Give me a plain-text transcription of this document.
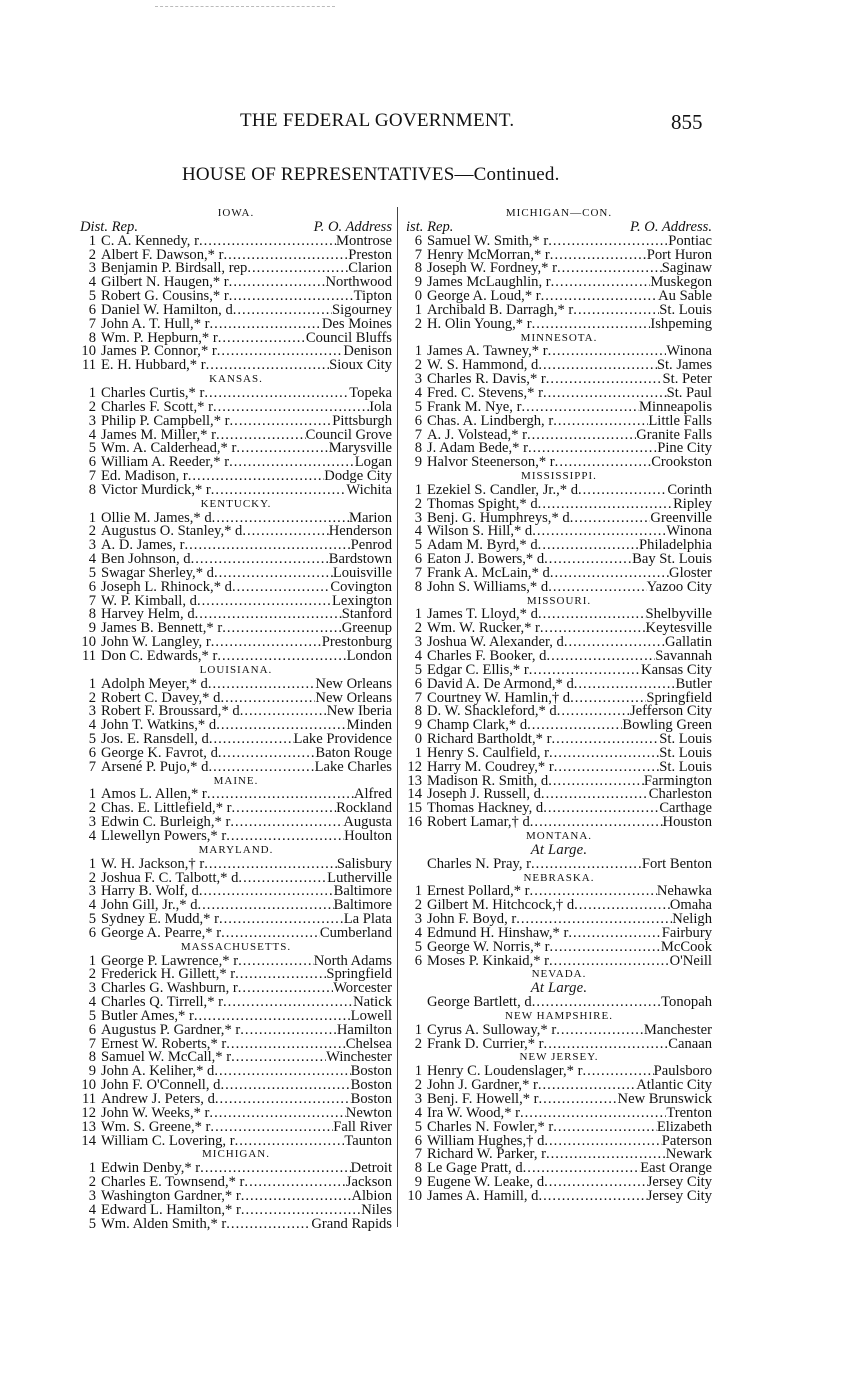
THE FEDERAL GOVERNMENT.	855
HOUSE OF REPRESENTATIVES—Continued.
IOWA.
Dist. Rep.	P. O. Address
1 C. A. Kennedy, r .....	Montrose
2 Albert F. Dawson,* r .....	Preston
3 Benjamin P. Birdsall, rep .....	Clarion
4 Gilbert N. Haugen,* r .....	Northwood
5 Robert G. Cousins,* r .....	Tipton
6 Daniel W. Hamilton, d .....	Sigourney
7 John A. T. Hull,* r .....	Des Moines
8 Wm. P. Hepburn,* r .....	Council Bluffs
10 James P. Connor,* r .....	Denison
11 E. H. Hubbard,* r .....	Sioux City
KANSAS.
1 Charles Curtis,* r .....	Topeka
2 Charles F. Scott,* r .....	Iola
3 Philip P. Campbell,* r .....	Pittsburgh
4 James M. Miller,* r .....	Council Grove
5 Wm. A. Calderhead,* r .....	Marysville
6 William A. Reeder,* r .....	Logan
7 Ed. Madison, r .....	Dodge City
8 Victor Murdick,* r .....	Wichita
KENTUCKY.
1 Ollie M. James,* d .....	Marion
2 Augustus O. Stanley,* d .....	Henderson
3 A. D. James, r .....	Penrod
4 Ben Johnson, d .....	Bardstown
5 Swagar Sherley,* d .....	Louisville
6 Joseph L. Rhinock,* d .....	Covington
7 W. P. Kimball, d .....	Lexington
8 Harvey Helm, d .....	Stanford
9 James B. Bennett,* r .....	Greenup
10 John W. Langley, r .....	Prestonburg
11 Don C. Edwards,* r .....	London
LOUISIANA.
1 Adolph Meyer,* d .....	New Orleans
2 Robert C. Davey,* d .....	New Orleans
3 Robert F. Broussard,* d .....	New Iberia
4 John T. Watkins,* d .....	Minden
5 Jos. E. Ransdell, d .....	Lake Providence
6 George K. Favrot, d .....	Baton Rouge
7 Arsené P. Pujo,* d .....	Lake Charles
MAINE.
1 Amos L. Allen,* r .....	Alfred
2 Chas. E. Littlefield,* r .....	Rockland
3 Edwin C. Burleigh,* r .....	Augusta
4 Llewellyn Powers,* r .....	Houlton
MARYLAND.
1 W. H. Jackson,† r .....	Salisbury
2 Joshua F. C. Talbott,* d .....	Lutherville
3 Harry B. Wolf, d .....	Baltimore
4 John Gill, Jr.,* d .....	Baltimore
5 Sydney E. Mudd,* r .....	La Plata
6 George A. Pearre,* r .....	Cumberland
MASSACHUSETTS.
1 George P. Lawrence,* r .....	North Adams
2 Frederick H. Gillett,* r .....	Springfield
3 Charles G. Washburn, r .....	Worcester
4 Charles Q. Tirrell,* r .....	Natick
5 Butler Ames,* r .....	Lowell
6 Augustus P. Gardner,* r .....	Hamilton
7 Ernest W. Roberts,* r .....	Chelsea
8 Samuel W. McCall,* r .....	Winchester
9 John A. Keliher,* d .....	Boston
10 John F. O'Connell, d .....	Boston
11 Andrew J. Peters, d .....	Boston
12 John W. Weeks,* r .....	Newton
13 Wm. S. Greene,* r .....	Fall River
14 William C. Lovering, r .....	Taunton
MICHIGAN.
1 Edwin Denby,* r .....	Detroit
2 Charles E. Townsend,* r .....	Jackson
3 Washington Gardner,* r .....	Albion
4 Edward L. Hamilton,* r .....	Niles
5 Wm. Alden Smith,* r .....	Grand Rapids
MICHIGAN—CON.
ist. Rep.	P. O. Address.
6 Samuel W. Smith,* r .....	Pontiac
7 Henry McMorran,* r .....	Port Huron
8 Joseph W. Fordney,* r .....	Saginaw
9 James McLaughlin, r .....	Muskegon
0 George A. Loud,* r .....	Au Sable
1 Archibald B. Darragh,* r .....	St. Louis
2 H. Olin Young,* r .....	Ishpeming
MINNESOTA.
1 James A. Tawney,* r .....	Winona
2 W. S. Hammond, d .....	St. James
3 Charles R. Davis,* r .....	St. Peter
4 Fred. C. Stevens,* r .....	St. Paul
5 Frank M. Nye, r .....	Minneapolis
6 Chas. A. Lindbergh, r .....	Little Falls
7 A. J. Volstead,* r .....	Granite Falls
8 J. Adam Bede,* r .....	Pine City
9 Halvor Steenerson,* r .....	Crookston
MISSISSIPPI.
1 Ezekiel S. Candler, Jr.,* d .....	Corinth
2 Thomas Spight,* d .....	Ripley
3 Benj. G. Humphreys,* d .....	Greenville
4 Wilson S. Hill,* d .....	Winona
5 Adam M. Byrd,* d .....	Philadelphia
6 Eaton J. Bowers,* d .....	Bay St. Louis
7 Frank A. McLain,* d .....	Gloster
8 John S. Williams,* d .....	Yazoo City
MISSOURI.
1 James T. Lloyd,* d .....	Shelbyville
2 Wm. W. Rucker,* r .....	Keytesville
3 Joshua W. Alexander, d .....	Gallatin
4 Charles F. Booker, d .....	Savannah
5 Edgar C. Ellis,* r .....	Kansas City
6 David A. De Armond,* d .....	Butler
7 Courtney W. Hamlin,† d .....	Springfield
8 D. W. Shackleford,* d .....	Jefferson City
9 Champ Clark,* d .....	Bowling Green
0 Richard Bartholdt,* r .....	St. Louis
1 Henry S. Caulfield, r .....	St. Louis
12 Harry M. Coudrey,* r .....	St. Louis
13 Madison R. Smith, d .....	Farmington
14 Joseph J. Russell, d .....	Charleston
15 Thomas Hackney, d .....	Carthage
16 Robert Lamar,† d .....	Houston
MONTANA.
At Large.
Charles N. Pray, r .....	Fort Benton
NEBRASKA.
1 Ernest Pollard,* r .....	Nehawka
2 Gilbert M. Hitchcock,† d .....	Omaha
3 John F. Boyd, r .....	Neligh
4 Edmund H. Hinshaw,* r .....	Fairbury
5 George W. Norris,* r .....	McCook
6 Moses P. Kinkaid,* r .....	O'Neill
NEVADA.
At Large.
George Bartlett, d .....	Tonopah
NEW HAMPSHIRE.
1 Cyrus A. Sulloway,* r .....	Manchester
2 Frank D. Currier,* r .....	Canaan
NEW JERSEY.
1 Henry C. Loudenslager,* r .....	Paulsboro
2 John J. Gardner,* r .....	Atlantic City
3 Benj. F. Howell,* r .....	New Brunswick
4 Ira W. Wood,* r .....	Trenton
5 Charles N. Fowler,* r .....	Elizabeth
6 William Hughes,† d .....	Paterson
7 Richard W. Parker, r .....	Newark
8 Le Gage Pratt, d .....	East Orange
9 Eugene W. Leake, d .....	Jersey City
10 James A. Hamill, d .....	Jersey City
